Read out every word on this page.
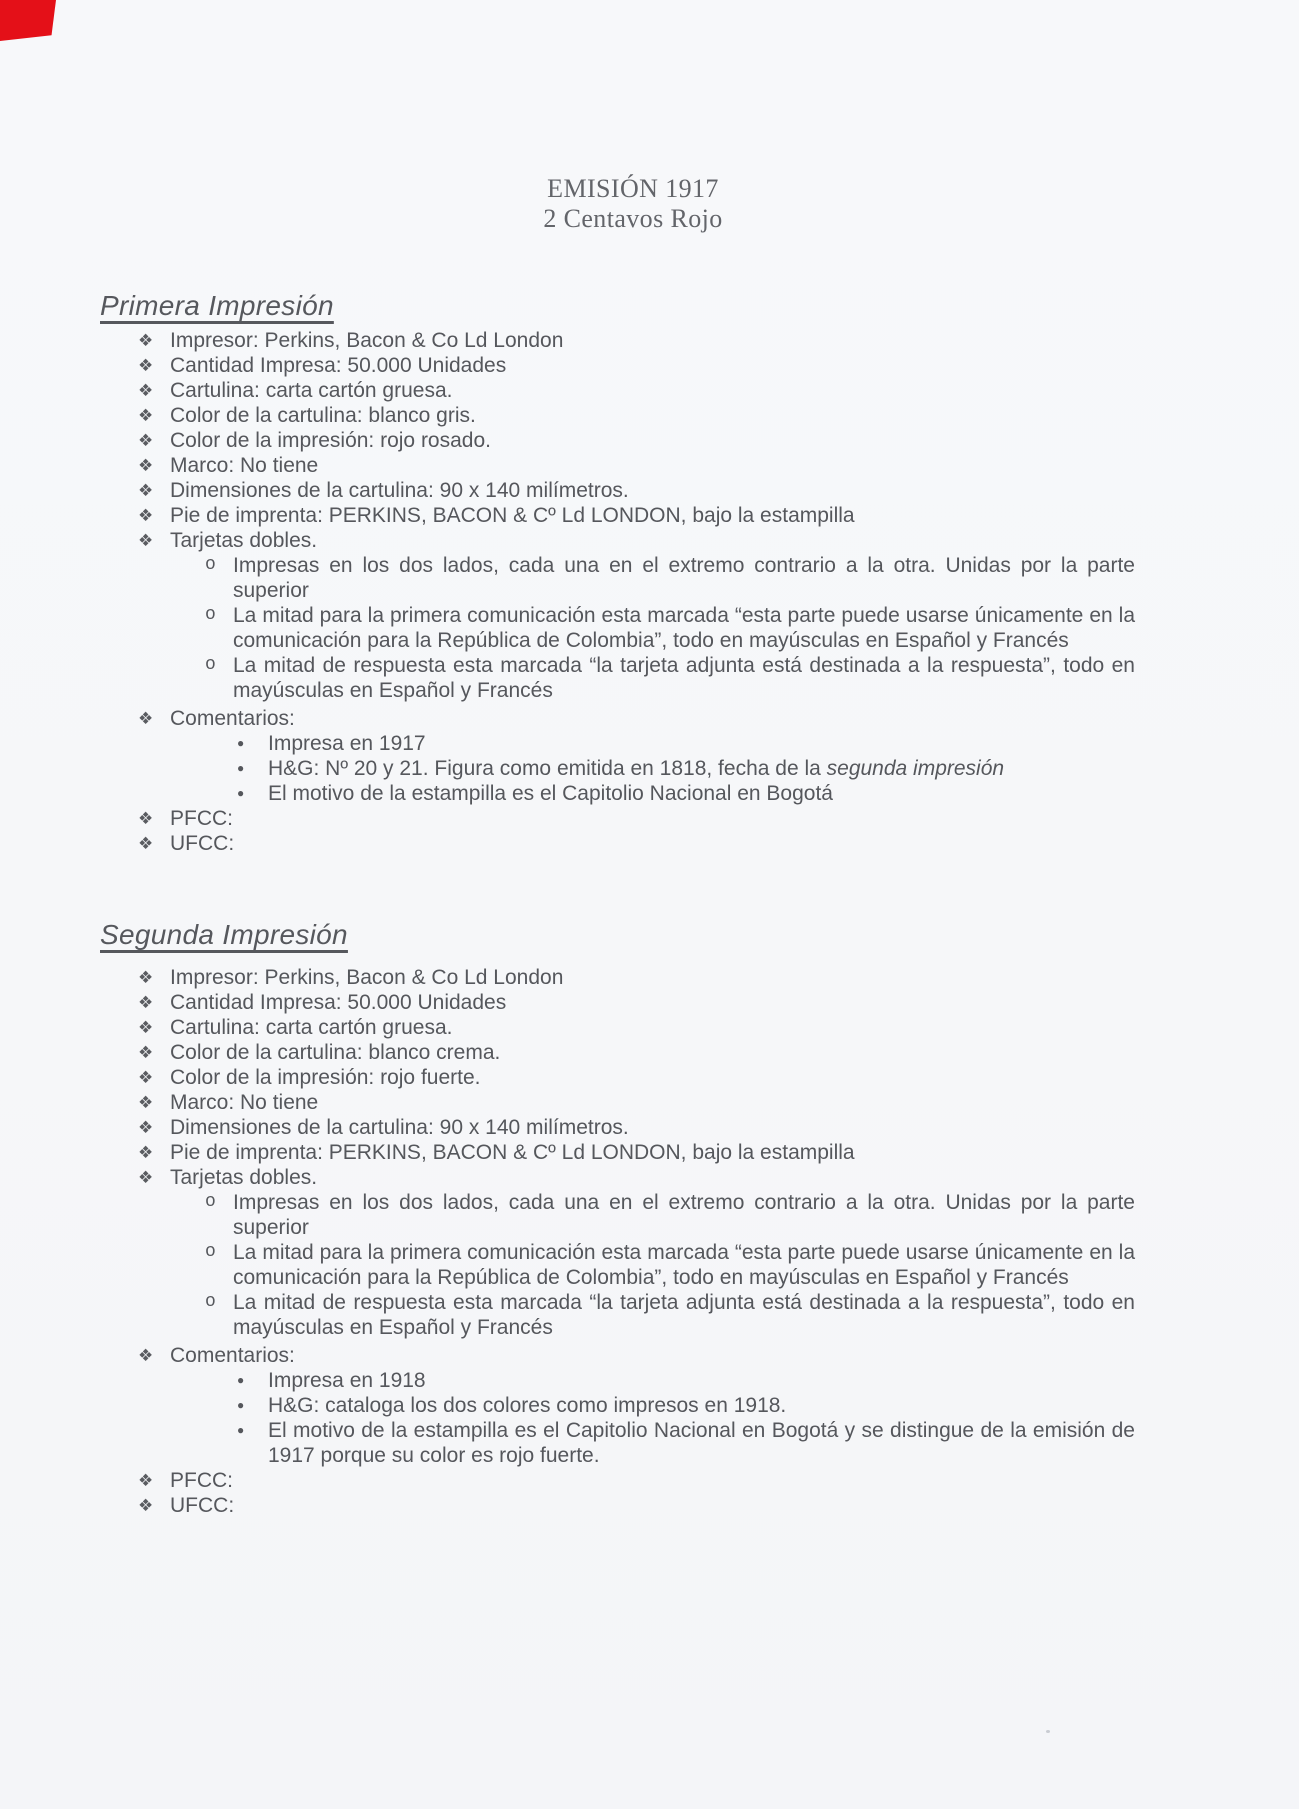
EMISIÓN 1917
2 Centavos Rojo
Primera Impresión
❖ Impresor: Perkins, Bacon & Co Ld London
❖ Cantidad Impresa: 50.000 Unidades
❖ Cartulina: carta cartón gruesa.
❖ Color de la cartulina: blanco gris.
❖ Color de la impresión: rojo rosado.
❖ Marco: No tiene
❖ Dimensiones de la cartulina: 90 x 140 milímetros.
❖ Pie de imprenta: PERKINS, BACON & Cº Ld LONDON, bajo la estampilla
❖ Tarjetas dobles.
o Impresas en los dos lados, cada una en el extremo contrario a la otra. Unidas por la parte
superior
o La mitad para la primera comunicación esta marcada “esta parte puede usarse únicamente en la
comunicación para la República de Colombia”, todo en mayúsculas en Español y Francés
o La mitad de respuesta esta marcada “la tarjeta adjunta está destinada a la respuesta”, todo en
mayúsculas en Español y Francés
❖ Comentarios:
●	Impresa en 1917
●	H&G: Nº 20 y 21. Figura como emitida en 1818, fecha de la segunda impresión
●	El motivo de la estampilla es el Capitolio Nacional en Bogotá
❖ PFCC:
❖ UFCC:
Segunda Impresión
❖ Impresor: Perkins, Bacon & Co Ld London
❖ Cantidad Impresa: 50.000 Unidades
❖ Cartulina: carta cartón gruesa.
❖ Color de la cartulina: blanco crema.
❖ Color de la impresión: rojo fuerte.
❖ Marco: No tiene
❖ Dimensiones de la cartulina: 90 x 140 milímetros.
❖ Pie de imprenta: PERKINS, BACON & Cº Ld LONDON, bajo la estampilla
❖ Tarjetas dobles.
o Impresas en los dos lados, cada una en el extremo contrario a la otra. Unidas por la parte
superior
o La mitad para la primera comunicación esta marcada “esta parte puede usarse únicamente en la
comunicación para la República de Colombia”, todo en mayúsculas en Español y Francés
o La mitad de respuesta esta marcada “la tarjeta adjunta está destinada a la respuesta”, todo en
mayúsculas en Español y Francés
❖ Comentarios:
●	Impresa en 1918
●	H&G: cataloga los dos colores como impresos en 1918.
●	El motivo de la estampilla es el Capitolio Nacional en Bogotá y se distingue de la emisión de
1917 porque su color es rojo fuerte.
❖ PFCC:
❖ UFCC:
